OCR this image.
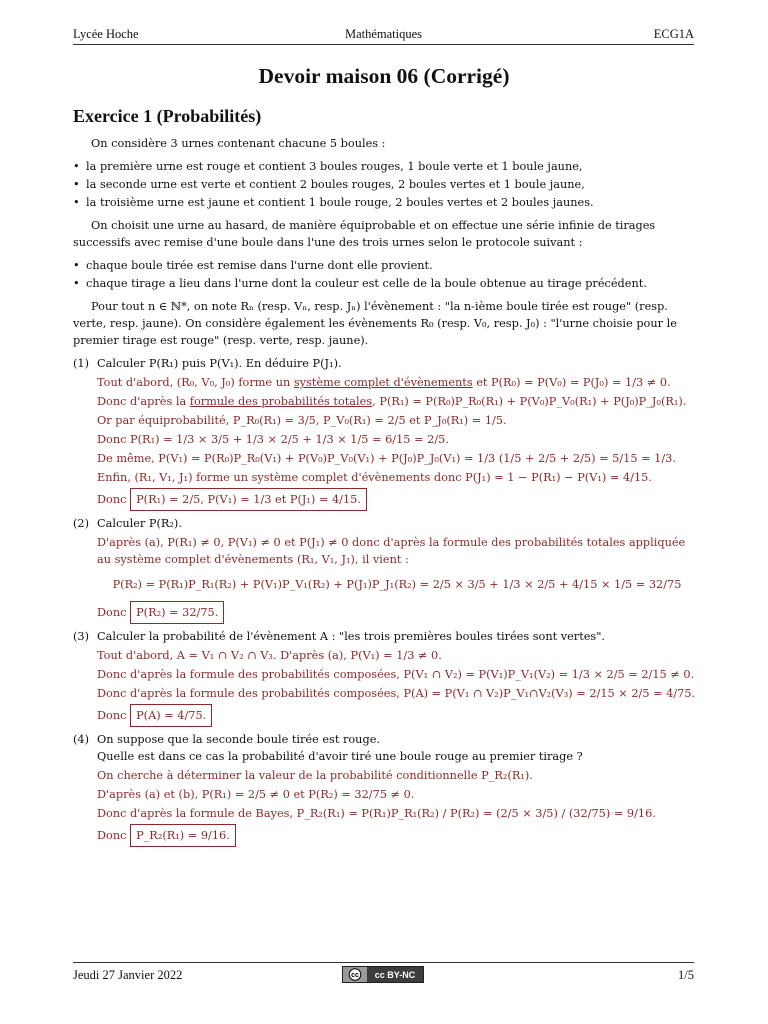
Lycée Hoche	Mathématiques	ECG1A
Devoir maison 06 (Corrigé)
Exercice 1 (Probabilités)

On considère 3 urnes contenant chacune 5 boules :

• la première urne est rouge et contient 3 boules rouges, 1 boule verte et 1 boule jaune,
• la seconde urne est verte et contient 2 boules rouges, 2 boules vertes et 1 boule jaune,
• la troisième urne est jaune et contient 1 boule rouge, 2 boules vertes et 2 boules jaunes.

On choisit une urne au hasard, de manière équiprobable et on effectue une série infinie de tirages successifs avec remise d'une boule dans l'une des trois urnes selon le protocole suivant :

• chaque boule tirée est remise dans l'urne dont elle provient.
• chaque tirage a lieu dans l'urne dont la couleur est celle de la boule obtenue au tirage précédent.

Pour tout n ∈ ℕ*, on note Rₙ (resp. Vₙ, resp. Jₙ) l'évènement : "la n-ième boule tirée est rouge" (resp. verte, resp. jaune). On considère également les évènements R₀ (resp. V₀, resp. J₀) : "l'urne choisie pour le premier tirage est rouge" (resp. verte, resp. jaune).

(1) Calculer P(R₁) puis P(V₁). En déduire P(J₁).
Tout d'abord, (R₀, V₀, J₀) forme un système complet d'évènements et P(R₀) = P(V₀) = P(J₀) = 1/3 ≠ 0.
Donc d'après la formule des probabilités totales, P(R₁) = P(R₀)P_R₀(R₁) + P(V₀)P_V₀(R₁) + P(J₀)P_J₀(R₁).
Or par équiprobabilité, P_R₀(R₁) = 3/5, P_V₀(R₁) = 2/5 et P_J₀(R₁) = 1/5.
Donc P(R₁) = 1/3 × 3/5 + 1/3 × 2/5 + 1/3 × 1/5 = 6/15 = 2/5.
De même, P(V₁) = P(R₀)P_R₀(V₁) + P(V₀)P_V₀(V₁) + P(J₀)P_J₀(V₁) = 1/3 (1/5 + 2/5 + 2/5) = 5/15 = 1/3.
Enfin, (R₁, V₁, J₁) forme un système complet d'évènements donc P(J₁) = 1 − P(R₁) − P(V₁) = 4/15.
Donc P(R₁) = 2/5, P(V₁) = 1/3 et P(J₁) = 4/15.
(2) Calculer P(R₂).
D'après (a), P(R₁) ≠ 0, P(V₁) ≠ 0 et P(J₁) ≠ 0 donc d'après la formule des probabilités totales appliquée au système complet d'évènements (R₁, V₁, J₁), il vient :
P(R₂) = P(R₁)P_R₁(R₂) + P(V₁)P_V₁(R₂) + P(J₁)P_J₁(R₂) = 2/5 × 3/5 + 1/3 × 2/5 + 4/15 × 1/5 = 32/75
Donc P(R₂) = 32/75.
(3) Calculer la probabilité de l'évènement A : "les trois premières boules tirées sont vertes".
Tout d'abord, A = V₁ ∩ V₂ ∩ V₃. D'après (a), P(V₁) = 1/3 ≠ 0.
Donc d'après la formule des probabilités composées, P(V₁ ∩ V₂) = P(V₁)P_V₁(V₂) = 1/3 × 2/5 = 2/15 ≠ 0.
Donc d'après la formule des probabilités composées, P(A) = P(V₁ ∩ V₂)P_V₁∩V₂(V₃) = 2/15 × 2/5 = 4/75.
Donc P(A) = 4/75.
(4) On suppose que la seconde boule tirée est rouge.
Quelle est dans ce cas la probabilité d'avoir tiré une boule rouge au premier tirage ?
On cherche à déterminer la valeur de la probabilité conditionnelle P_R₂(R₁).
D'après (a) et (b), P(R₁) = 2/5 ≠ 0 et P(R₂) = 32/75 ≠ 0.
Donc d'après la formule de Bayes, P_R₂(R₁) = P(R₁)P_R₁(R₂) / P(R₂) = (2/5 × 3/5) / (32/75) = 9/16.
Donc P_R₂(R₁) = 9/16.
Jeudi 27 Janvier 2022	cc cc BY-NC	1/5
